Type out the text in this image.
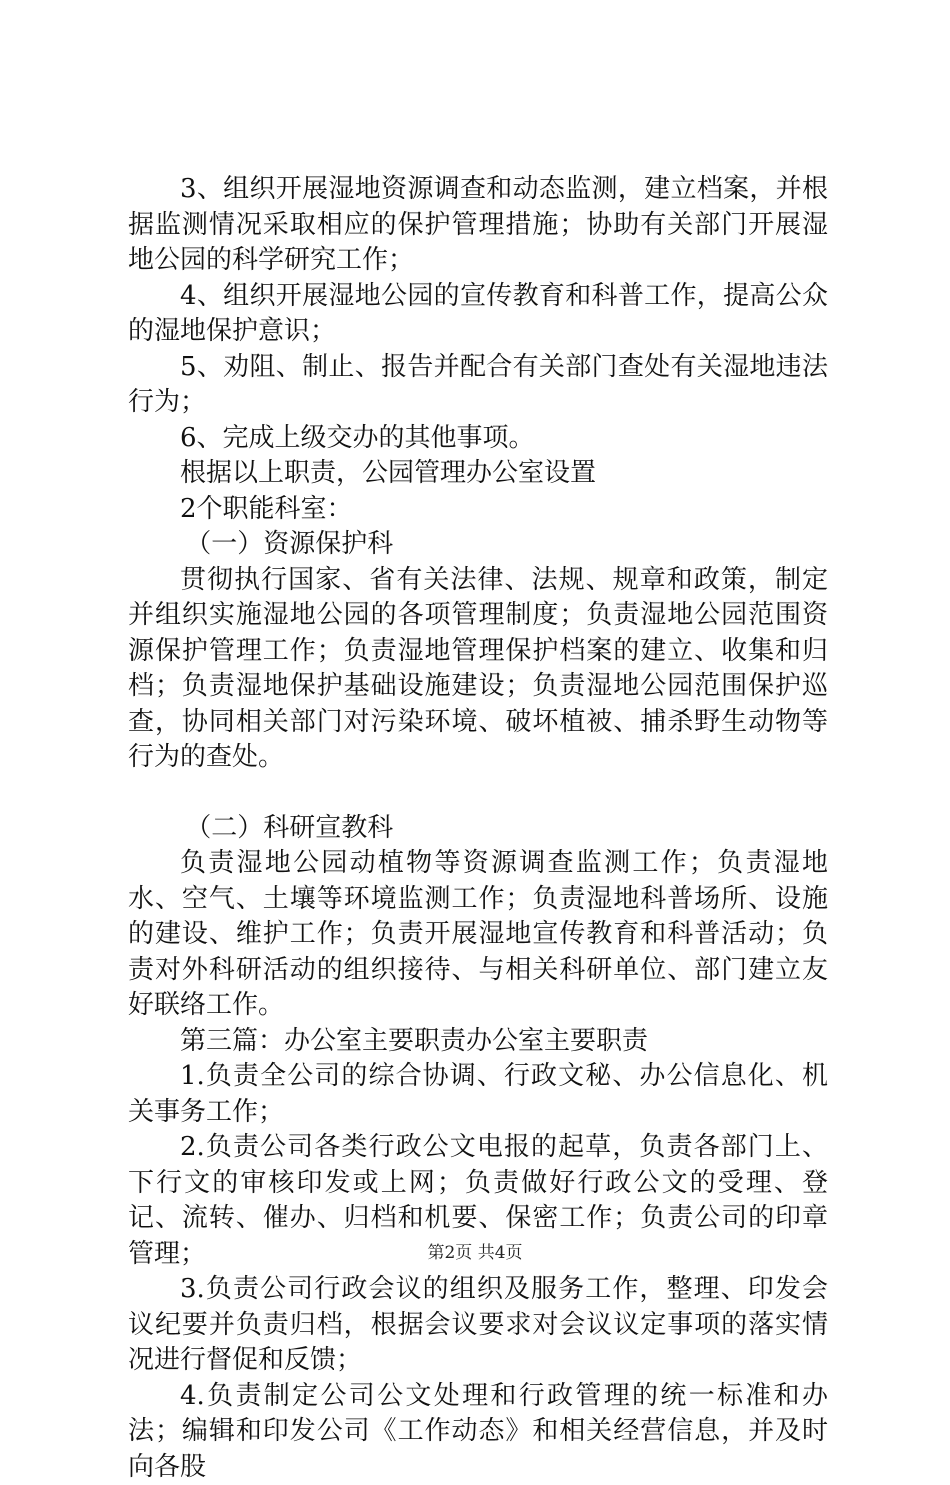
3、组织开展湿地资源调查和动态监测，建立档案，并根据监测情况采取相应的保护管理措施；协助有关部门开展湿地公园的科学研究工作；

4、组织开展湿地公园的宣传教育和科普工作，提高公众的湿地保护意识；

5、劝阻、制止、报告并配合有关部门查处有关湿地违法行为；

6、完成上级交办的其他事项。

根据以上职责，公园管理办公室设置

2个职能科室：

（一）资源保护科

贯彻执行国家、省有关法律、法规、规章和政策，制定并组织实施湿地公园的各项管理制度；负责湿地公园范围资源保护管理工作；负责湿地管理保护档案的建立、收集和归档；负责湿地保护基础设施建设；负责湿地公园范围保护巡查，协同相关部门对污染环境、破坏植被、捕杀野生动物等行为的查处。

（二）科研宣教科

负责湿地公园动植物等资源调查监测工作；负责湿地水、空气、土壤等环境监测工作；负责湿地科普场所、设施的建设、维护工作；负责开展湿地宣传教育和科普活动；负责对外科研活动的组织接待、与相关科研单位、部门建立友好联络工作。

第三篇：办公室主要职责办公室主要职责

1.负责全公司的综合协调、行政文秘、办公信息化、机关事务工作；

2.负责公司各类行政公文电报的起草，负责各部门上、下行文的审核印发或上网；负责做好行政公文的受理、登记、流转、催办、归档和机要、保密工作；负责公司的印章管理；

3.负责公司行政会议的组织及服务工作，整理、印发会议纪要并负责归档，根据会议要求对会议议定事项的落实情况进行督促和反馈；

4.负责制定公司公文处理和行政管理的统一标准和办法；编辑和印发公司《工作动态》和相关经营信息，并及时向各股

第2页 共4页
